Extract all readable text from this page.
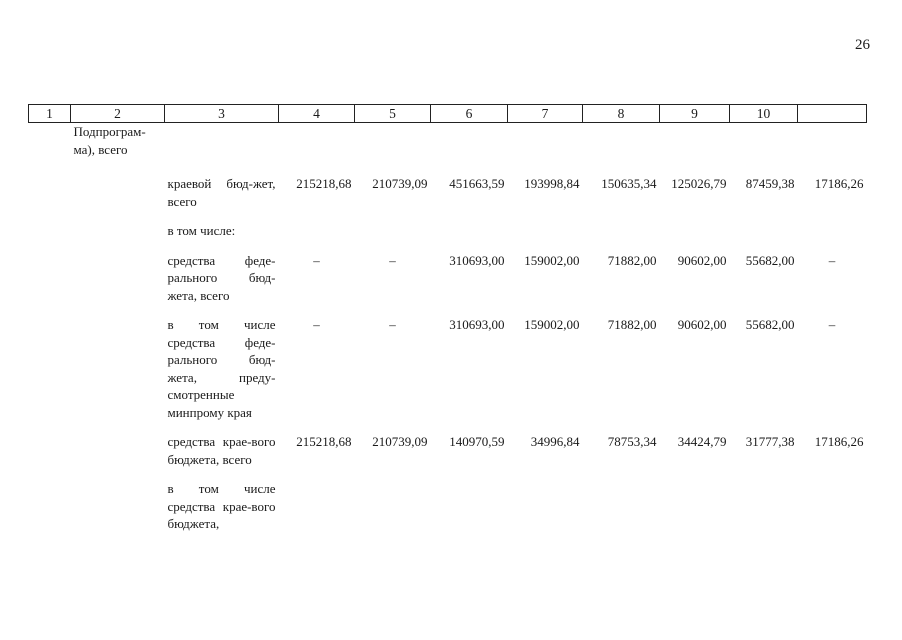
26
1	2	3	4	5	6	7	8	9	10	
	Подпрограм-ма), всего									
		краевой бюд-жет, всего	215218,68	210739,09	451663,59	193998,84	150635,34	125026,79	87459,38	17186,26

		в том числе:								

		средства феде-рального бюд-жета, всего	–	–	310693,00	159002,00	71882,00	90602,00	55682,00	–

		в том числе средства феде-рального бюд-жета, преду-смотренные минпрому края	–	–	310693,00	159002,00	71882,00	90602,00	55682,00	–

		средства крае-вого бюджета, всего	215218,68	210739,09	140970,59	34996,84	78753,34	34424,79	31777,38	17186,26

		в том числе средства крае-вого бюджета,								
